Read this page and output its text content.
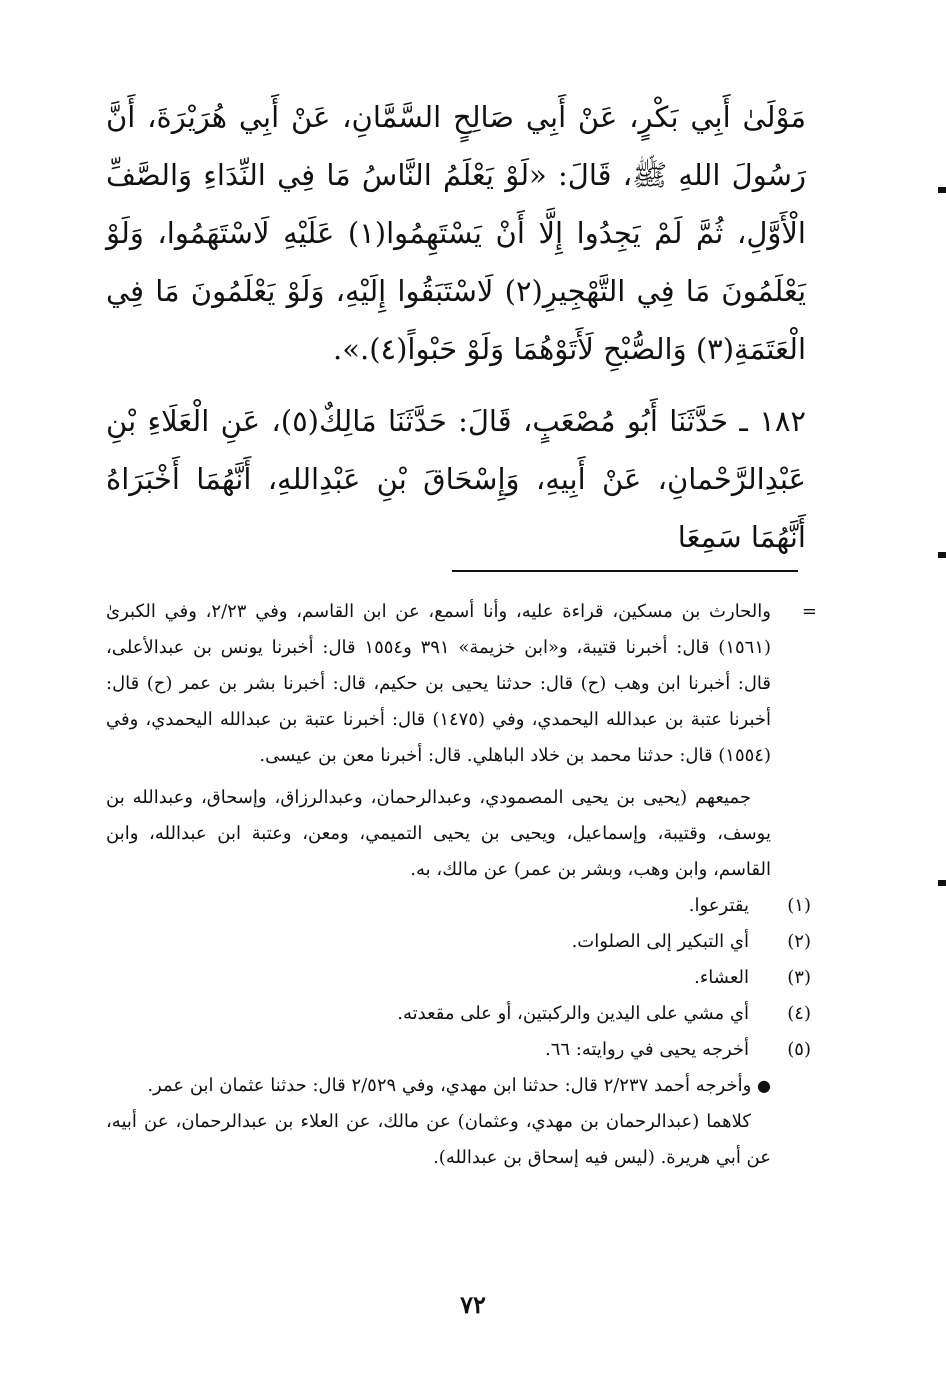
مَوْلَىٰ أَبِي بَكْرٍ، عَنْ أَبِي صَالِحٍ السَّمَّانِ، عَنْ أَبِي هُرَيْرَةَ، أَنَّ رَسُولَ اللهِ ﷺ، قَالَ: «لَوْ يَعْلَمُ النَّاسُ مَا فِي النِّدَاءِ وَالصَّفِّ الْأَوَّلِ، ثُمَّ لَمْ يَجِدُوا إِلَّا أَنْ يَسْتَهِمُوا(١) عَلَيْهِ لَاسْتَهَمُوا، وَلَوْ يَعْلَمُونَ مَا فِي التَّهْجِيرِ(٢) لَاسْتَبَقُوا إِلَيْهِ، وَلَوْ يَعْلَمُونَ مَا فِي الْعَتَمَةِ(٣) وَالصُّبْحِ لَأَتَوْهُمَا وَلَوْ حَبْواً(٤).».

١٨٢ ـ حَدَّثَنَا أَبُو مُصْعَبٍ، قَالَ: حَدَّثَنَا مَالِكٌ(٥)، عَنِ الْعَلَاءِ بْنِ عَبْدِالرَّحْمانِ، عَنْ أَبِيهِ، وَإِسْحَاقَ بْنِ عَبْدِاللهِ، أَنَّهُمَا أَخْبَرَاهُ أَنَّهُمَا سَمِعَا

=
والحارث بن مسكين، قراءة عليه، وأنا أسمع، عن ابن القاسم، وفي ٢/٢٣، وفي الكبرىٰ (١٥٦١) قال: أخبرنا قتيبة، و«ابن خزيمة» ٣٩١ و١٥٥٤ قال: أخبرنا يونس بن عبدالأعلى، قال: أخبرنا ابن وهب (ح) قال: حدثنا يحيى بن حكيم، قال: أخبرنا بشر بن عمر (ح) قال: أخبرنا عتبة بن عبدالله اليحمدي، وفي (١٤٧٥) قال: أخبرنا عتبة بن عبدالله اليحمدي، وفي (١٥٥٤) قال: حدثنا محمد بن خلاد الباهلي. قال: أخبرنا معن بن عيسى.

جميعهم (يحيى بن يحيى المصمودي، وعبدالرحمان، وعبدالرزاق، وإسحاق، وعبدالله بن يوسف، وقتيبة، وإسماعيل، ويحيى بن يحيى التميمي، ومعن، وعتبة ابن عبدالله، وابن القاسم، وابن وهب، وبشر بن عمر) عن مالك، به.

(١)
يقترعوا.
(٢)
أي التبكير إلى الصلوات.
(٣)
العشاء.
(٤)
أي مشي على اليدين والركبتين، أو على مقعدته.
(٥)
أخرجه يحيى في روايته: ٦٦.

● وأخرجه أحمد ٢/٢٣٧ قال: حدثنا ابن مهدي، وفي ٢/٥٢٩ قال: حدثنا عثمان ابن عمر.

كلاهما (عبدالرحمان بن مهدي، وعثمان) عن مالك، عن العلاء بن عبدالرحمان، عن أبيه، عن أبي هريرة. (ليس فيه إسحاق بن عبدالله).

٧٢
